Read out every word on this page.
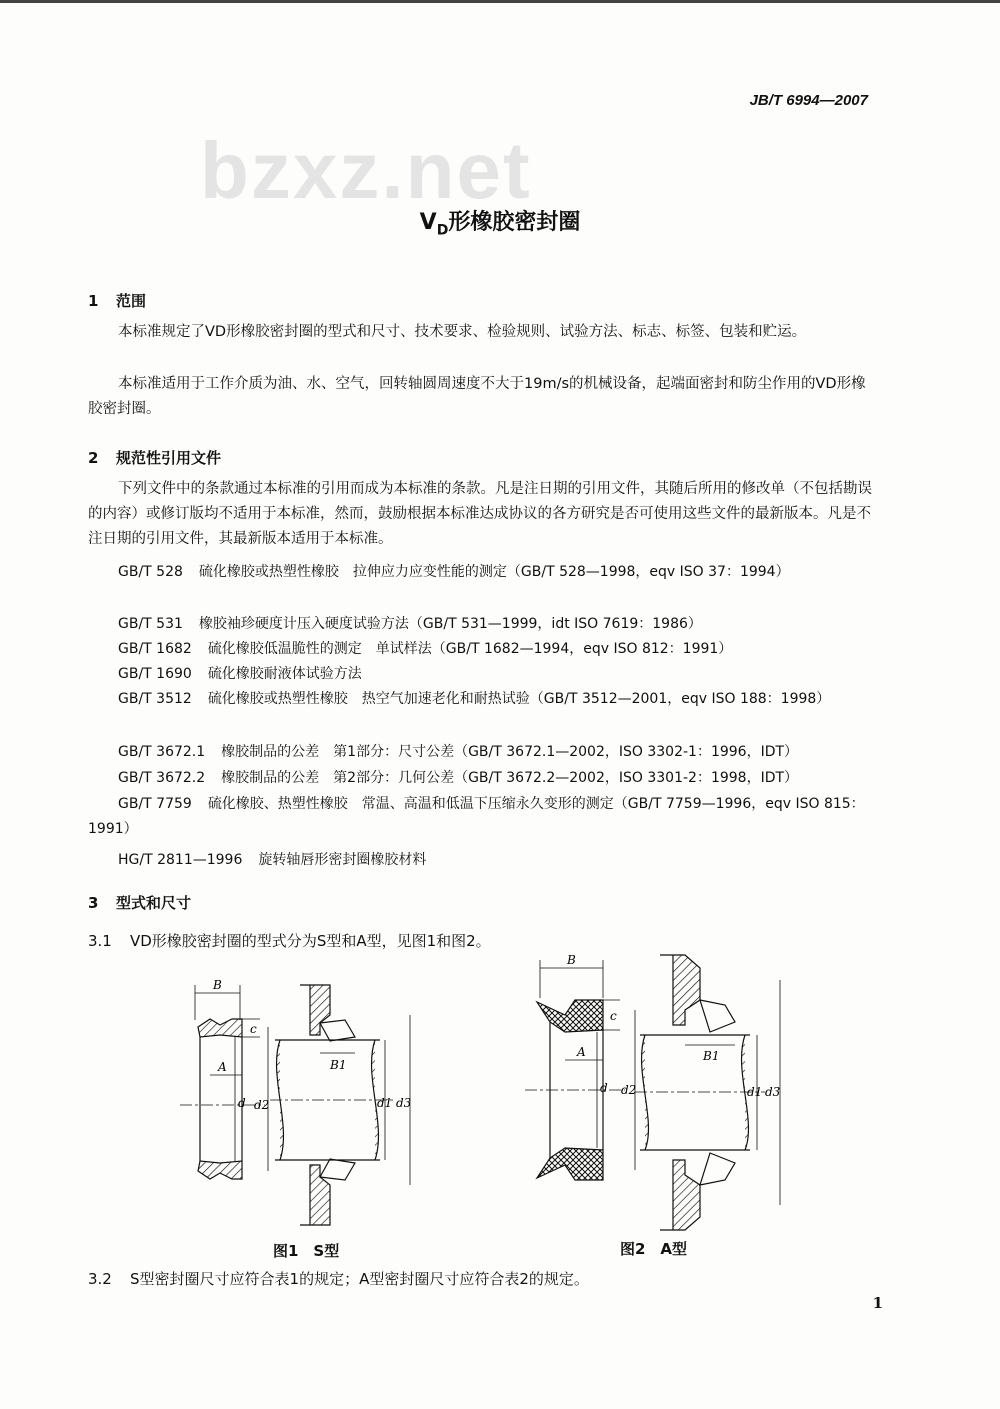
JB/T 6994—2007
bzxz.net
$V_D$形橡胶密封圈
1 范围
本标准规定了VD形橡胶密封圈的型式和尺寸、技术要求、检验规则、试验方法、标志、标签、包装和贮运。
本标准适用于工作介质为油、水、空气，回转轴圆周速度不大于19m/s的机械设备，起端面密封和防尘作用的VD形橡胶密封圈。
2 规范性引用文件
下列文件中的条款通过本标准的引用而成为本标准的条款。凡是注日期的引用文件，其随后所用的修改单（不包括勘误的内容）或修订版均不适用于本标准，然而，鼓励根据本标准达成协议的各方研究是否可使用这些文件的最新版本。凡是不注日期的引用文件，其最新版本适用于本标准。
GB/T 528 硫化橡胶或热塑性橡胶　拉伸应力应变性能的测定（GB/T 528—1998，eqv ISO 37：1994）
GB/T 531 橡胶袖珍硬度计压入硬度试验方法（GB/T 531—1999，idt ISO 7619：1986）
GB/T 1682 硫化橡胶低温脆性的测定　单试样法（GB/T 1682—1994，eqv ISO 812：1991）
GB/T 1690 硫化橡胶耐液体试验方法
GB/T 3512 硫化橡胶或热塑性橡胶　热空气加速老化和耐热试验（GB/T 3512—2001，eqv ISO 188：1998）
GB/T 3672.1 橡胶制品的公差　第1部分：尺寸公差（GB/T 3672.1—2002，ISO 3302-1：1996，IDT）
GB/T 3672.2 橡胶制品的公差　第2部分：几何公差（GB/T 3672.2—2002，ISO 3301-2：1998，IDT）
GB/T 7759 硫化橡胶、热塑性橡胶　常温、高温和低温下压缩永久变形的测定（GB/T 7759—1996，eqv ISO 815：1991）
HG/T 2811—1996 旋转轴唇形密封圈橡胶材料
3 型式和尺寸
3.1 VD形橡胶密封圈的型式分为S型和A型，见图1和图2。
B
c
A
d d2
B1
d1 d3
图1　S型
B
c
A
d d2
B1
d1 d3
图2　A型
3.2 S型密封圈尺寸应符合表1的规定；A型密封圈尺寸应符合表2的规定。
1
